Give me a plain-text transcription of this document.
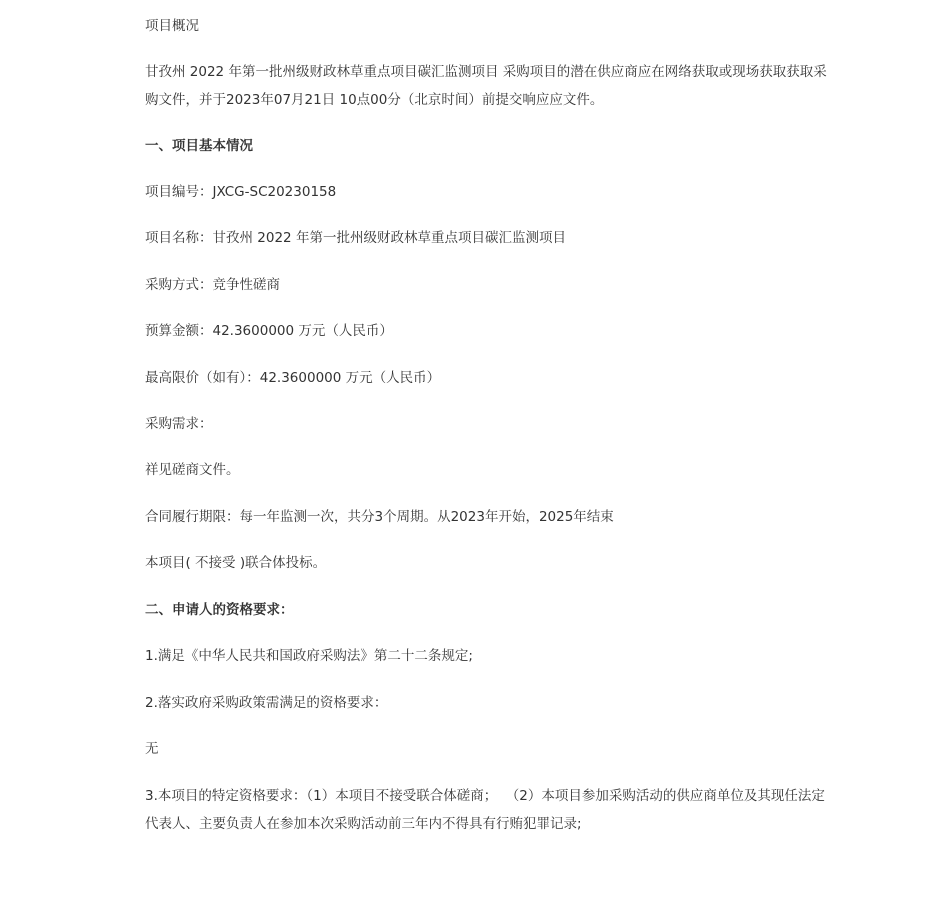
项目概况

甘孜州 2022 年第一批州级财政林草重点项目碳汇监测项目 采购项目的潜在供应商应在网络获取或现场获取获取采购文件，并于2023年07月21日 10点00分（北京时间）前提交响应应文件。

一、项目基本情况

项目编号：JXCG-SC20230158

项目名称：甘孜州 2022 年第一批州级财政林草重点项目碳汇监测项目

采购方式：竞争性磋商

预算金额：42.3600000 万元（人民币）

最高限价（如有）：42.3600000 万元（人民币）

采购需求：

祥见磋商文件。

合同履行期限：每一年监测一次，共分3个周期。从2023年开始，2025年结束

本项目( 不接受 )联合体投标。

二、申请人的资格要求：

1.满足《中华人民共和国政府采购法》第二十二条规定;

2.落实政府采购政策需满足的资格要求：

无

3.本项目的特定资格要求：（1）本项目不接受联合体磋商；  （2）本项目参加采购活动的供应商单位及其现任法定代表人、主要负责人在参加本次采购活动前三年内不得具有行贿犯罪记录;
